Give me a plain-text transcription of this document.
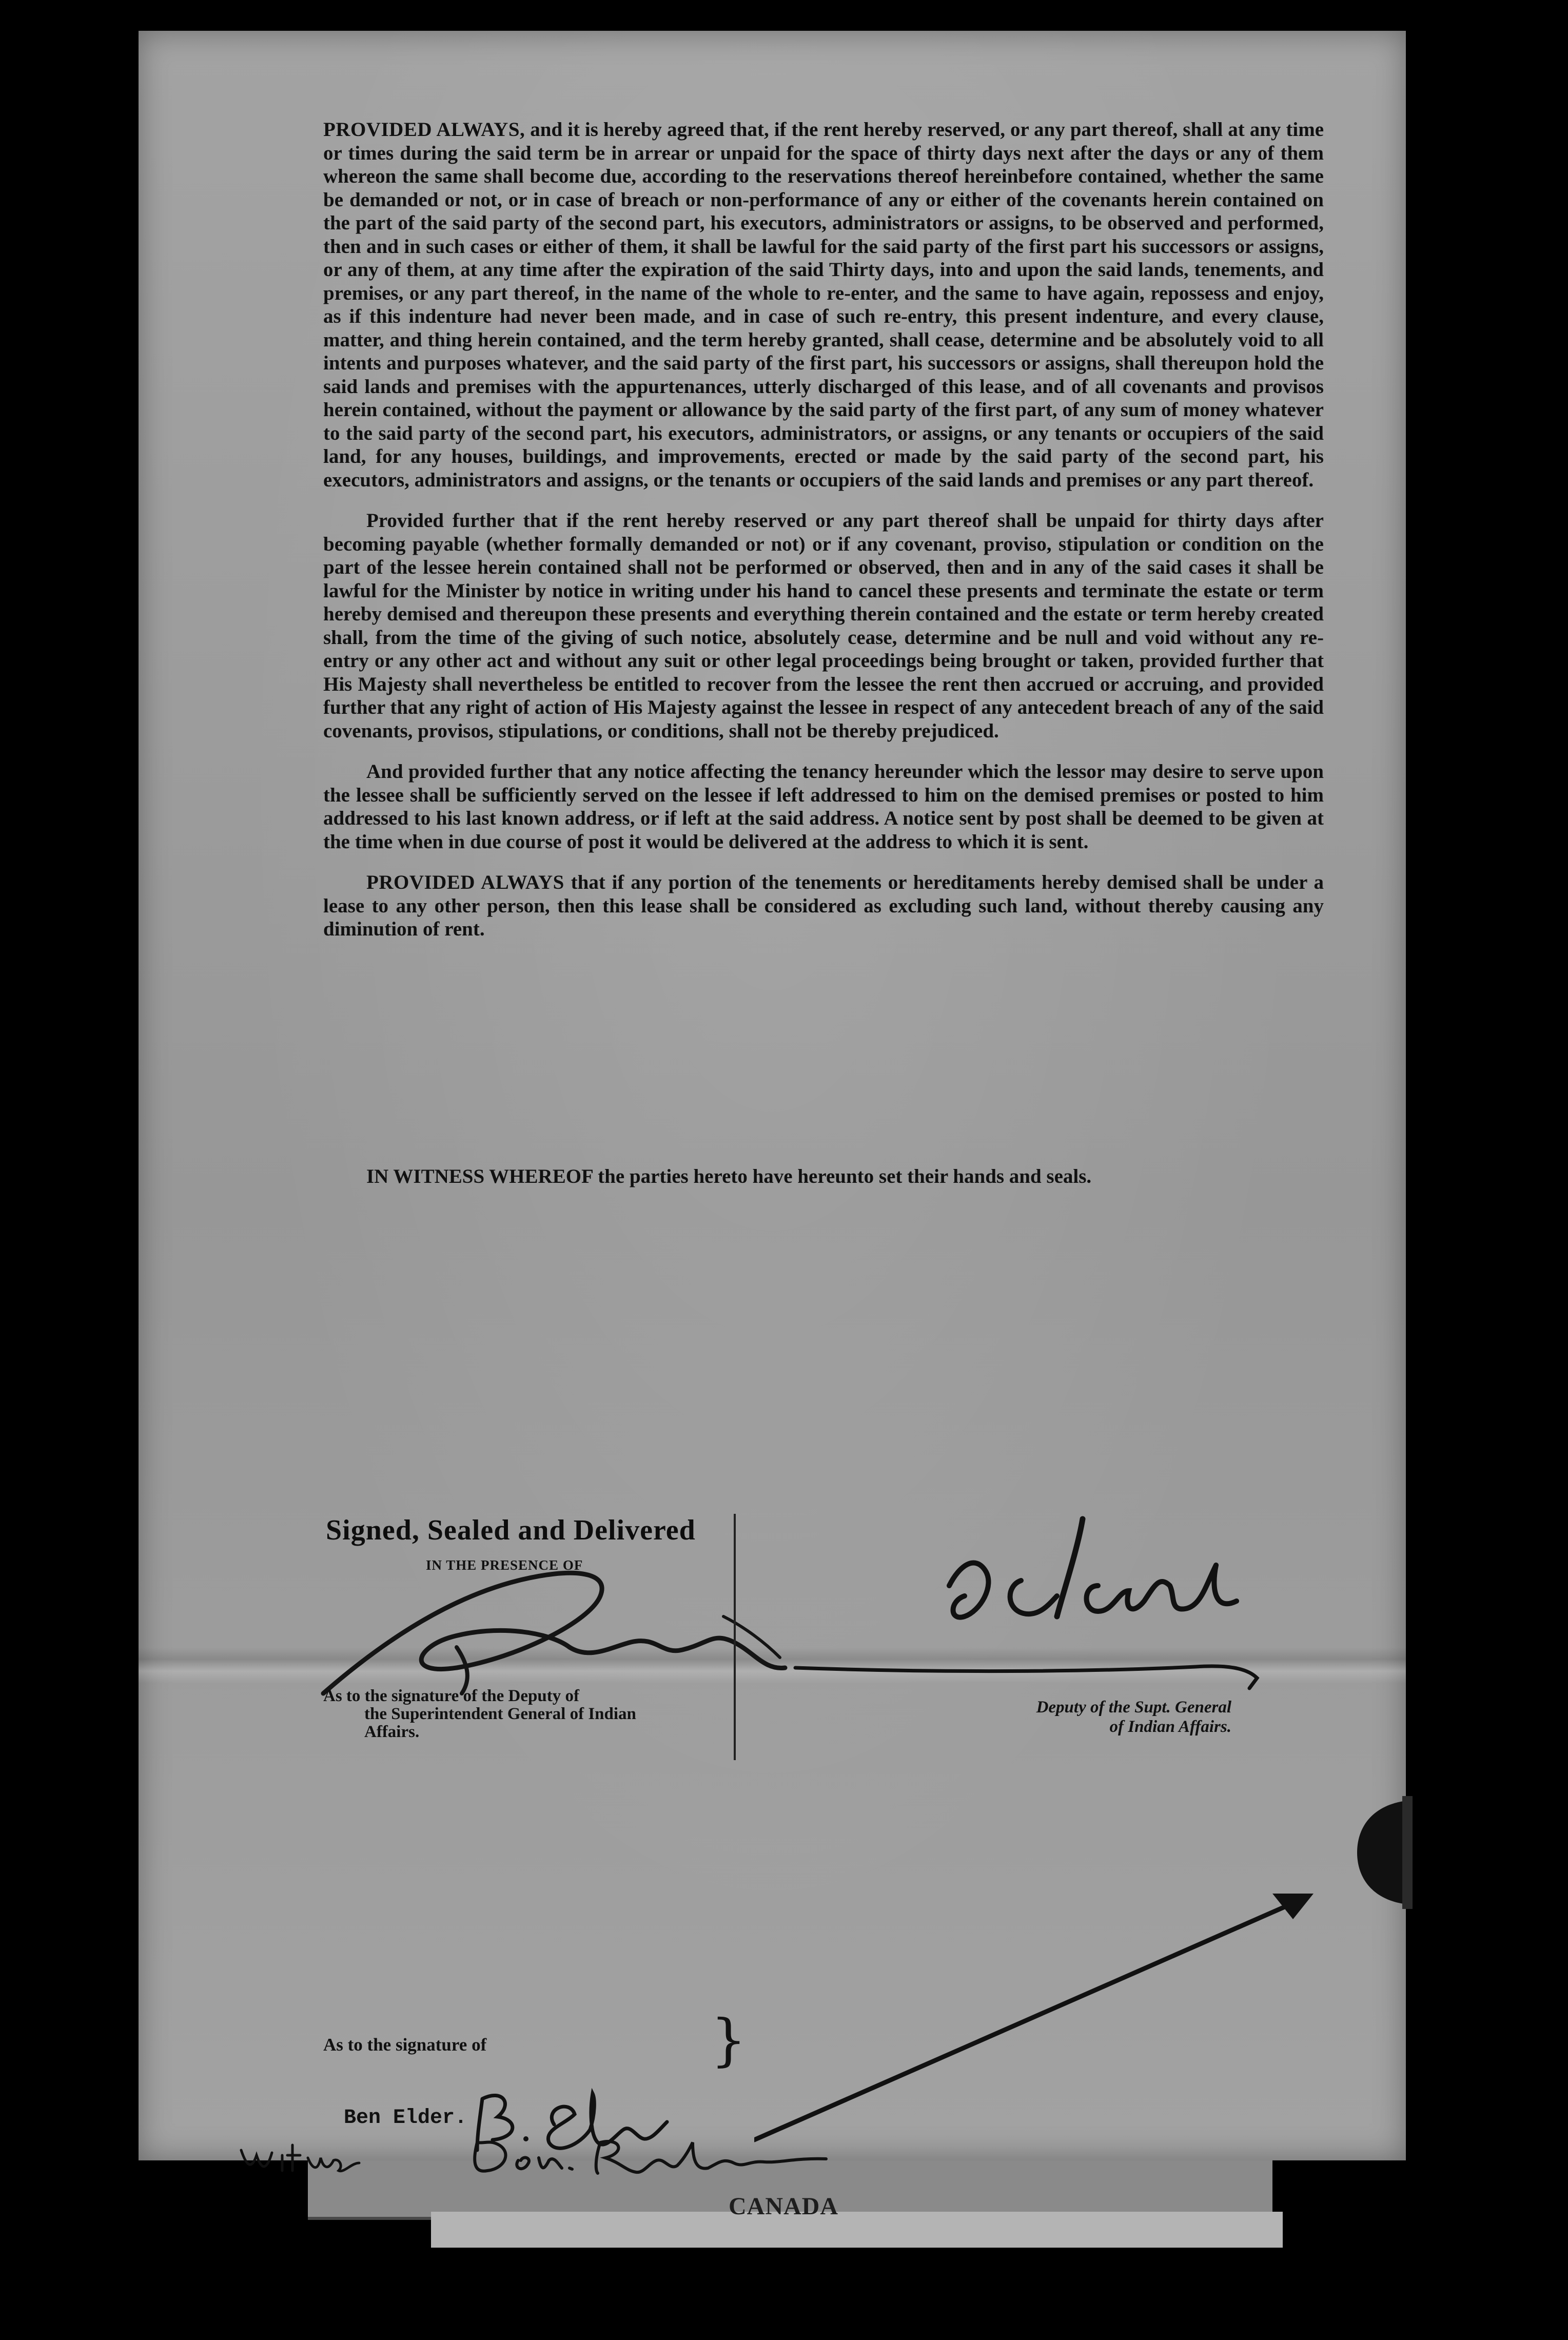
CANADA

PROVIDED ALWAYS, and it is hereby agreed that, if the rent hereby reserved, or any part thereof, shall at any time or times during the said term be in arrear or unpaid for the space of thirty days next after the days or any of them whereon the same shall become due, according to the reservations thereof hereinbefore contained, whether the same be demanded or not, or in case of breach or non-performance of any or either of the covenants herein contained on the part of the said party of the second part, his executors, administrators or assigns, to be observed and performed, then and in such cases or either of them, it shall be lawful for the said party of the first part his successors or assigns, or any of them, at any time after the expiration of the said Thirty days, into and upon the said lands, tenements, and premises, or any part thereof, in the name of the whole to re-enter, and the same to have again, repossess and enjoy, as if this indenture had never been made, and in case of such re-entry, this present indenture, and every clause, matter, and thing herein contained, and the term hereby granted, shall cease, determine and be absolutely void to all intents and purposes whatever, and the said party of the first part, his successors or assigns, shall thereupon hold the said lands and premises with the appurtenances, utterly discharged of this lease, and of all covenants and provisos herein contained, without the payment or allowance by the said party of the first part, of any sum of money whatever to the said party of the second part, his executors, administrators, or assigns, or any tenants or occupiers of the said land, for any houses, buildings, and improvements, erected or made by the said party of the second part, his executors, administrators and assigns, or the tenants or occupiers of the said lands and premises or any part thereof.

Provided further that if the rent hereby reserved or any part thereof shall be unpaid for thirty days after becoming payable (whether formally demanded or not) or if any covenant, proviso, stipulation or condition on the part of the lessee herein contained shall not be performed or observed, then and in any of the said cases it shall be lawful for the Minister by notice in writing under his hand to cancel these presents and terminate the estate or term hereby demised and thereupon these presents and everything therein contained and the estate or term hereby created shall, from the time of the giving of such notice, absolutely cease, determine and be null and void without any re-entry or any other act and without any suit or other legal proceedings being brought or taken, provided further that His Majesty shall nevertheless be entitled to recover from the lessee the rent then accrued or accruing, and provided further that any right of action of His Majesty against the lessee in respect of any antecedent breach of any of the said covenants, provisos, stipulations, or conditions, shall not be thereby prejudiced.

And provided further that any notice affecting the tenancy hereunder which the lessor may desire to serve upon the lessee shall be sufficiently served on the lessee if left addressed to him on the demised premises or posted to him addressed to his last known address, or if left at the said address. A notice sent by post shall be deemed to be given at the time when in due course of post it would be delivered at the address to which it is sent.

PROVIDED ALWAYS that if any portion of the tenements or hereditaments hereby demised shall be under a lease to any other person, then this lease shall be considered as excluding such land, without thereby causing any diminution of rent.

IN WITNESS WHEREOF the parties hereto have hereunto set their hands and seals.
Signed, Sealed and Delivered
IN THE PRESENCE OF
As to the signature of the Deputy of
the Superintendent General of Indian
Affairs.
Deputy of the Supt. General
of Indian Affairs.
As to the signature of	}
Ben Elder.
